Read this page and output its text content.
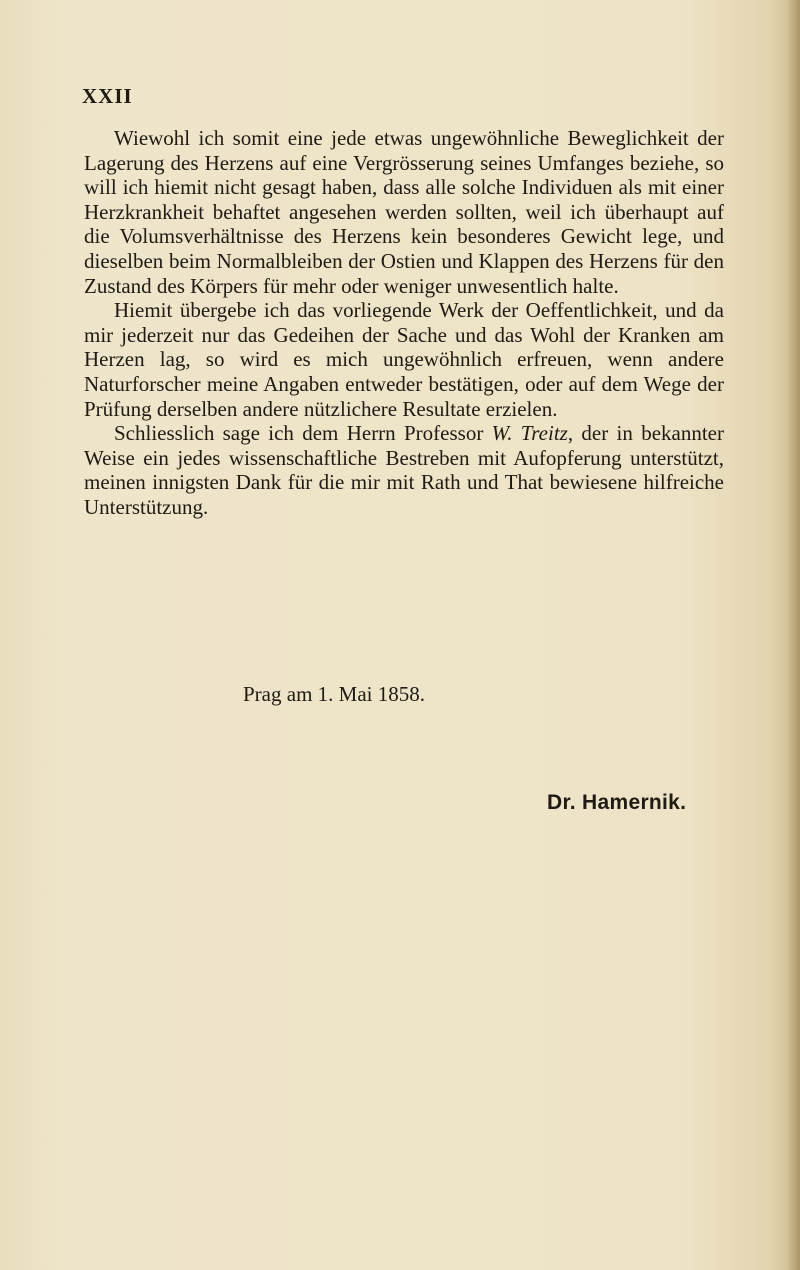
XXII

Wiewohl ich somit eine jede etwas ungewöhnliche Beweglichkeit der Lagerung des Herzens auf eine Vergrösserung seines Umfanges beziehe, so will ich hiemit nicht gesagt haben, dass alle solche Individuen als mit einer Herzkrankheit behaftet angesehen werden sollten, weil ich überhaupt auf die Volumsverhältnisse des Herzens kein besonderes Gewicht lege, und dieselben beim Normalbleiben der Ostien und Klappen des Herzens für den Zustand des Körpers für mehr oder weniger unwesentlich halte.

Hiemit übergebe ich das vorliegende Werk der Oeffentlichkeit, und da mir jederzeit nur das Gedeihen der Sache und das Wohl der Kranken am Herzen lag, so wird es mich ungewöhnlich erfreuen, wenn andere Naturforscher meine Angaben entweder bestätigen, oder auf dem Wege der Prüfung derselben andere nützlichere Resultate erzielen.

Schliesslich sage ich dem Herrn Professor W. Treitz, der in bekannter Weise ein jedes wissenschaftliche Bestreben mit Aufopferung unterstützt, meinen innigsten Dank für die mir mit Rath und That bewiesene hilfreiche Unterstützung.

Prag am 1. Mai 1858.
Dr. Hamernik.
